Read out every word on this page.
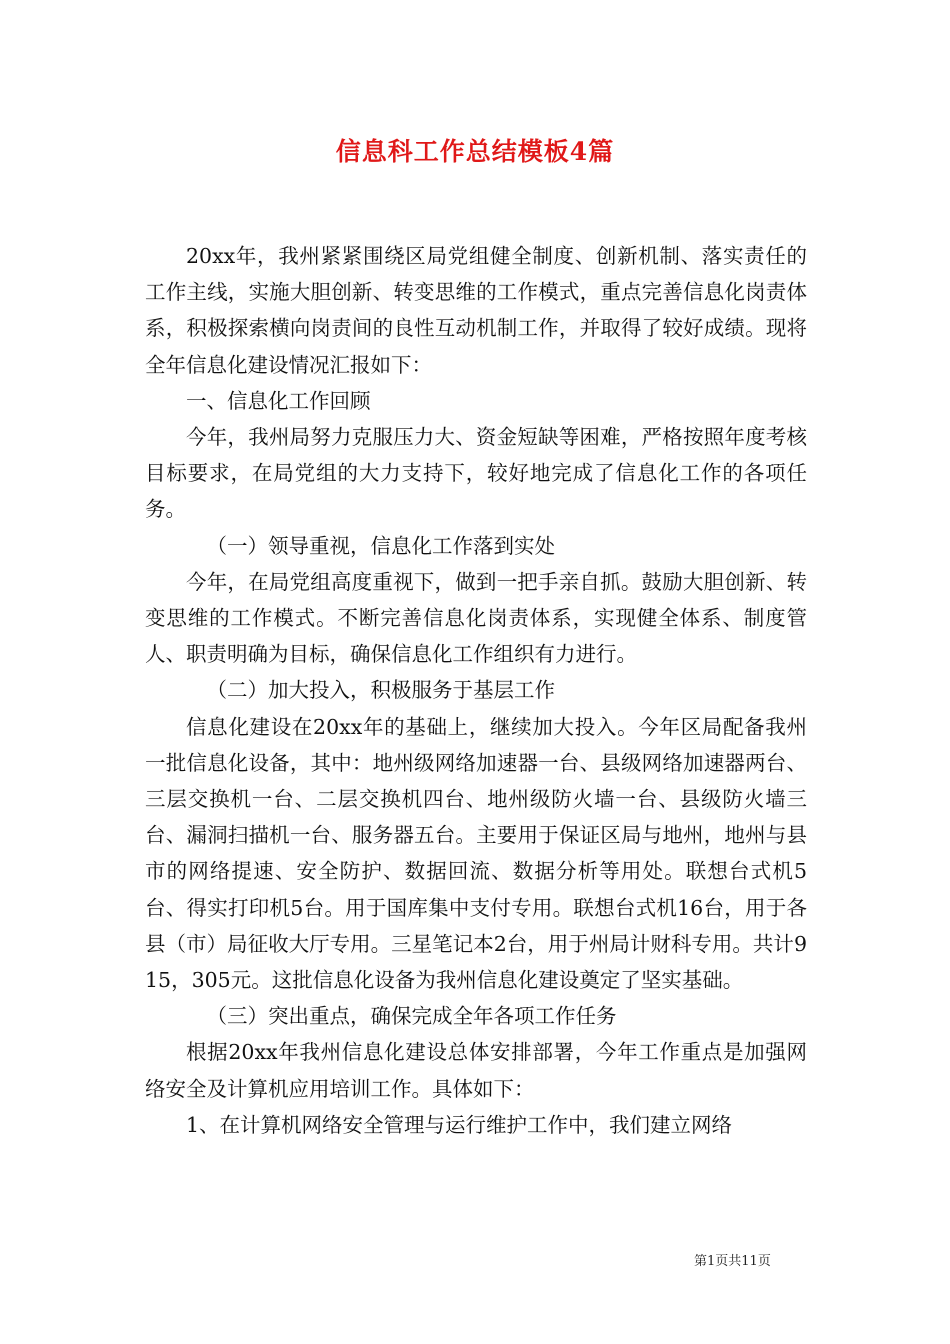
信息科工作总结模板4篇

20xx年，我州紧紧围绕区局党组健全制度、创新机制、落实责任的工作主线，实施大胆创新、转变思维的工作模式，重点完善信息化岗责体系，积极探索横向岗责间的良性互动机制工作，并取得了较好成绩。现将全年信息化建设情况汇报如下：

一、信息化工作回顾

今年，我州局努力克服压力大、资金短缺等困难，严格按照年度考核目标要求，在局党组的大力支持下，较好地完成了信息化工作的各项任务。

（一）领导重视，信息化工作落到实处

今年，在局党组高度重视下，做到一把手亲自抓。鼓励大胆创新、转变思维的工作模式。不断完善信息化岗责体系，实现健全体系、制度管人、职责明确为目标，确保信息化工作组织有力进行。

（二）加大投入，积极服务于基层工作

信息化建设在20xx年的基础上，继续加大投入。今年区局配备我州一批信息化设备，其中：地州级网络加速器一台、县级网络加速器两台、三层交换机一台、二层交换机四台、地州级防火墙一台、县级防火墙三台、漏洞扫描机一台、服务器五台。主要用于保证区局与地州，地州与县市的网络提速、安全防护、数据回流、数据分析等用处。联想台式机5台、得实打印机5台。用于国库集中支付专用。联想台式机16台，用于各县（市）局征收大厅专用。三星笔记本2台，用于州局计财科专用。共计915，305元。这批信息化设备为我州信息化建设奠定了坚实基础。

（三）突出重点，确保完成全年各项工作任务

根据20xx年我州信息化建设总体安排部署，今年工作重点是加强网络安全及计算机应用培训工作。具体如下：

1、在计算机网络安全管理与运行维护工作中，我们建立网络

第1页共11页
